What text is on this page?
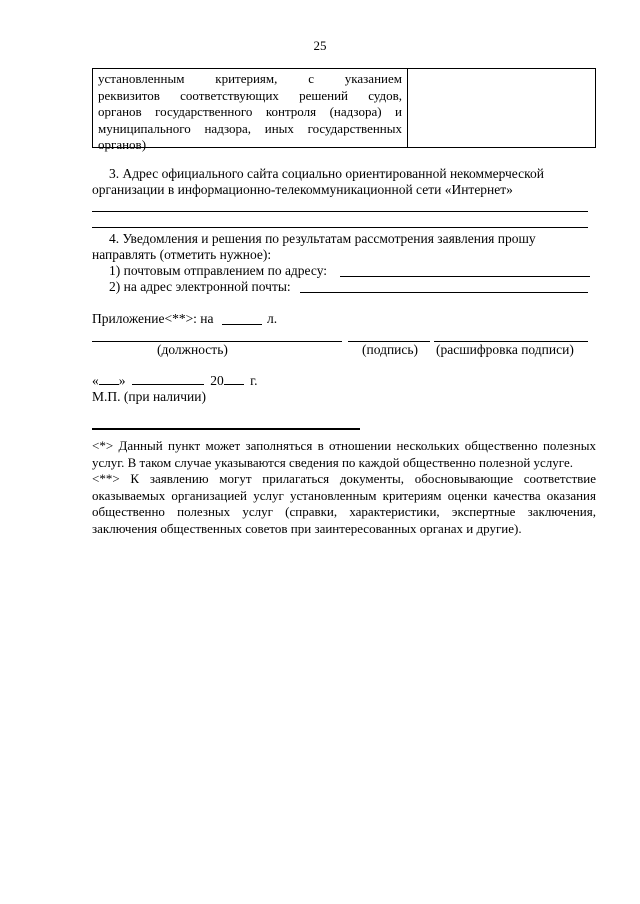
25
установленным критериям, с указанием
реквизитов соответствующих решений судов,
органов государственного контроля (надзора) и
муниципального надзора, иных государственных
органов)
3. Адрес официального сайта социально ориентированной некоммерческой
организации в информационно-телекоммуникационной сети «Интернет»
4. Уведомления и решения по результатам рассмотрения заявления прошу
направлять (отметить нужное):
1) почтовым отправлением по адресу:
2) на адрес электронной почты:
Приложение<**>: на	л.
(должность)	(подпись) (расшифровка подписи)
« »	20 г.
М.П. (при наличии)

<*> Данный пункт может заполняться в отношении нескольких общественно полезных услуг. В таком случае указываются сведения по каждой общественно полезной услуге.

<**> К заявлению могут прилагаться документы, обосновывающие соответствие оказываемых организацией услуг установленным критериям оценки качества оказания общественно полезных услуг (справки, характеристики, экспертные заключения, заключения общественных советов при заинтересованных органах и другие).
